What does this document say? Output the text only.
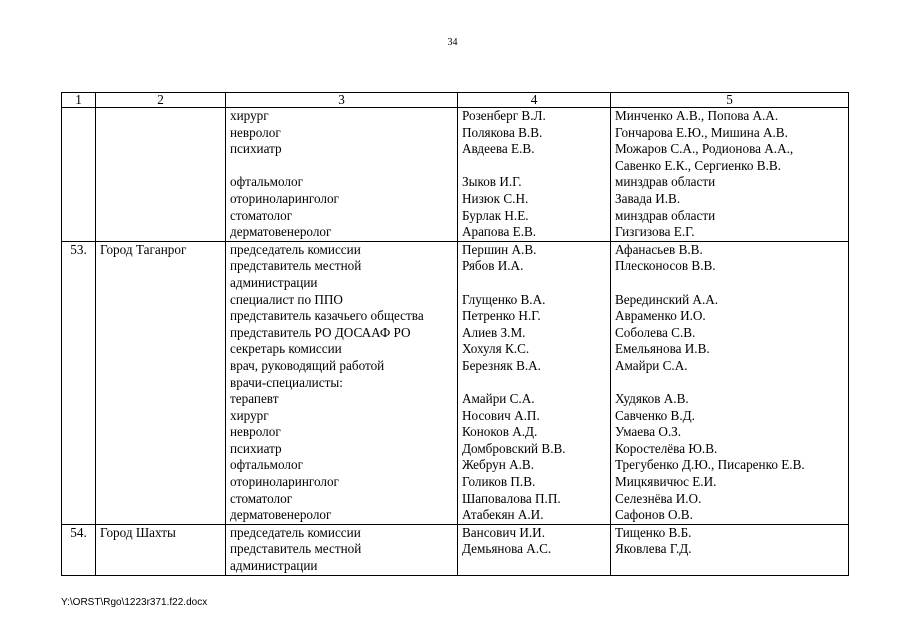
34
1	2	3	4	5
		хирург	Розенберг В.Л.	Минченко А.В., Попова А.А.
		невролог	Полякова В.В.	Гончарова Е.Ю., Мишина А.В.
		психиатр	Авдеева Е.В.	Можаров С.А., Родионова А.А.,
				Савенко Е.К., Сергиенко В.В.
		офтальмолог	Зыков И.Г.	минздрав области
		оториноларинголог	Низюк С.Н.	Завада И.В.
		стоматолог	Бурлак Н.Е.	минздрав области
		дерматовенеролог	Арапова Е.В.	Гизгизова Е.Г.
53.	Город Таганрог	председатель комиссии	Першин А.В.	Афанасьев В.В.
		представитель местной	Рябов И.А.	Плесконосов В.В.
		администрации		
		специалист по ППО	Глущенко В.А.	Верединский А.А.
		представитель казачьего общества	Петренко Н.Г.	Авраменко И.О.
		представитель РО ДОСААФ РО	Алиев З.М.	Соболева С.В.
		секретарь комиссии	Хохуля К.С.	Емельянова И.В.
		врач, руководящий работой	Березняк В.А.	Амайри С.А.
		врачи-специалисты:		
		терапевт	Амайри С.А.	Худяков А.В.
		хирург	Носович А.П.	Савченко В.Д.
		невролог	Коноков А.Д.	Умаева О.З.
		психиатр	Домбровский В.В.	Коростелёва Ю.В.
		офтальмолог	Жебрун А.В.	Трегубенко Д.Ю., Писаренко Е.В.
		оториноларинголог	Голиков П.В.	Мицкявичюс Е.И.
		стоматолог	Шаповалова П.П.	Селезнёва И.О.
		дерматовенеролог	Атабекян А.И.	Сафонов О.В.
54.	Город Шахты	председатель комиссии	Вансович И.И.	Тищенко В.Б.
		представитель местной	Демьянова А.С.	Яковлева Г.Д.
		администрации		
Y:\ORST\Rgo\1223r371.f22.docx
